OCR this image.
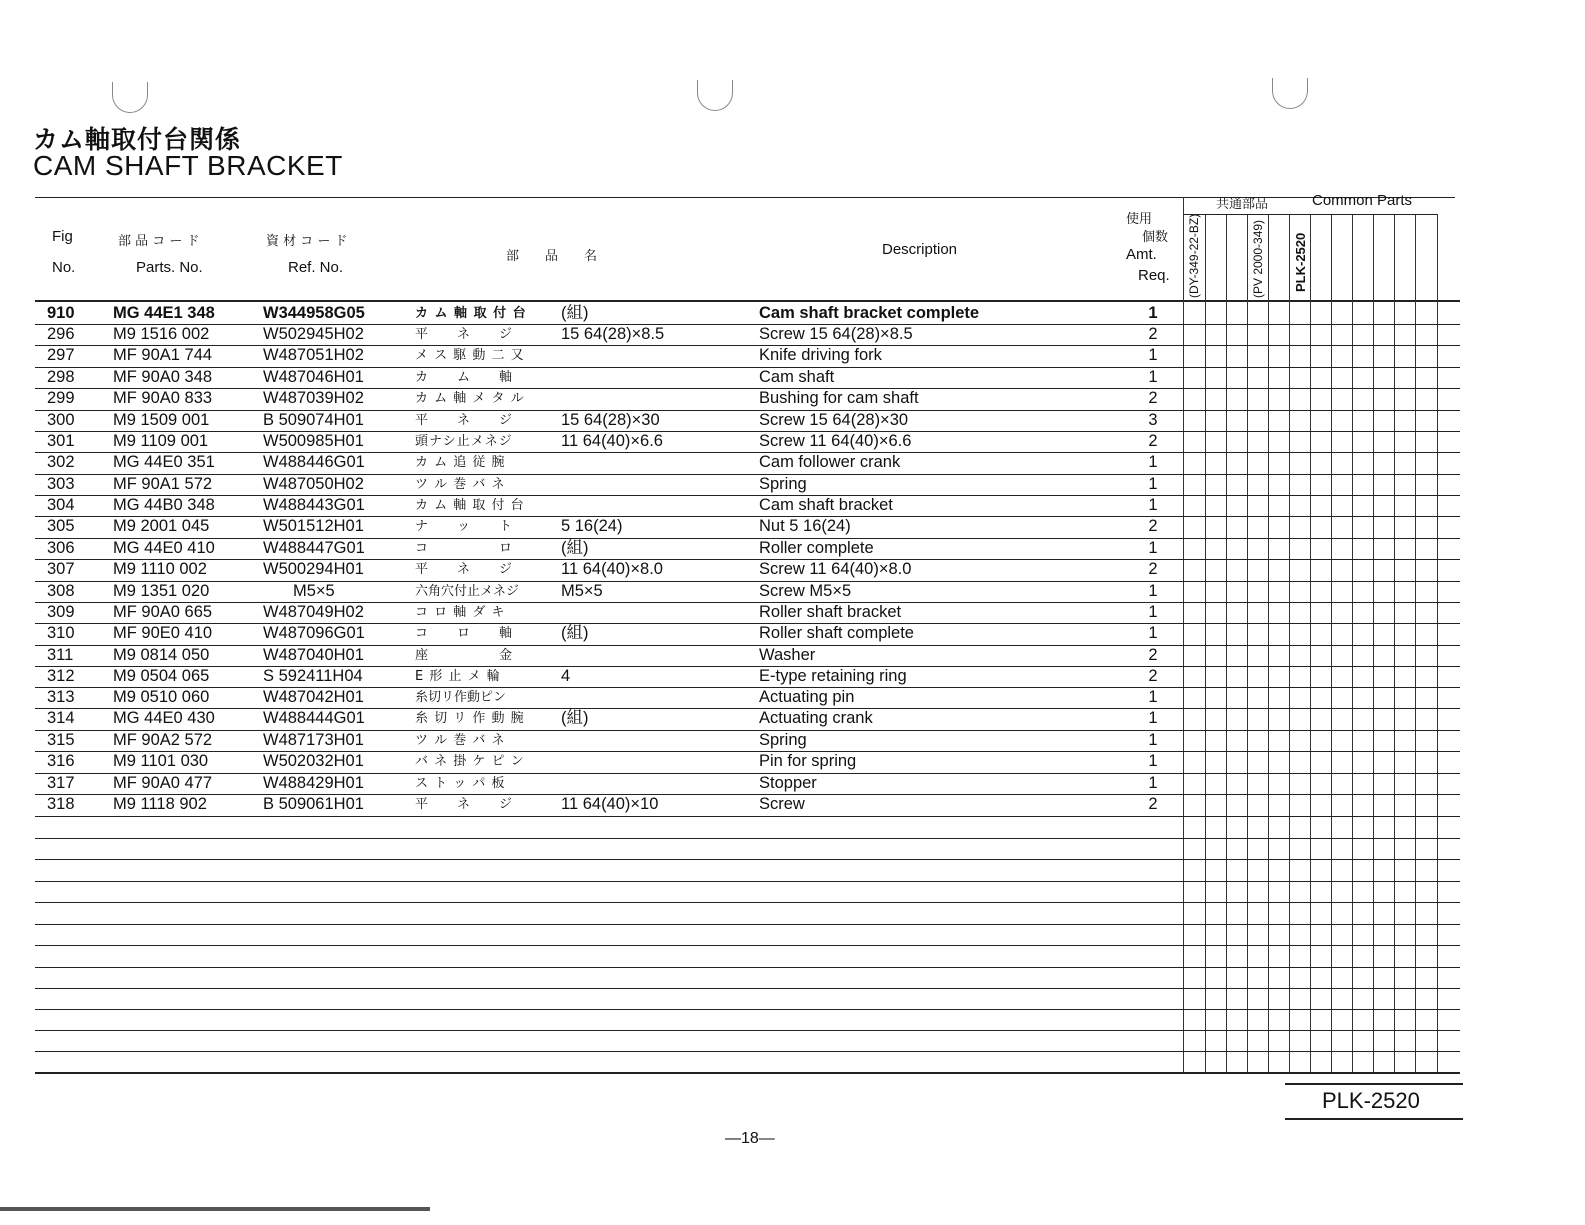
カム軸取付台関係
CAM SHAFT BRACKET
Fig
No.
部 品 コ ー ド
Parts. No.
資 材 コ ー ド
Ref. No.
部　　品　　名	Description
使用
個数
Amt.
Req.
共通部品	Common Parts
(DY-349-22-BZ)	(PV 2000-349) PLK-2520
910	MG 44E1 348	W344958G05	カ ム 軸 取 付 台	(組)	Cam shaft bracket complete	1
296	M9 1516 002	W502945H02	平　　ネ　　ジ	15 64(28)×8.5	Screw 15 64(28)×8.5	2
297	MF 90A1 744	W487051H02	メ ス 駆 動 二 又	Knife driving fork	1
298	MF 90A0 348	W487046H01	カ　　ム　　軸	Cam shaft	1
299	MF 90A0 833	W487039H02	カ ム 軸 メ タ ル	Bushing for cam shaft	2
300	M9 1509 001	B 509074H01	平　　ネ　　ジ	15 64(28)×30	Screw 15 64(28)×30	3
301	M9 1109 001	W500985H01	頭ナシ止メネジ	11 64(40)×6.6	Screw 11 64(40)×6.6	2
302	MG 44E0 351	W488446G01	カ ム 追 従 腕	Cam follower crank	1
303	MF 90A1 572	W487050H02	ツ ル 巻 バ ネ	Spring	1
304	MG 44B0 348	W488443G01	カ ム 軸 取 付 台	Cam shaft bracket	1
305	M9 2001 045	W501512H01	ナ　　ッ　　ト	5 16(24)	Nut 5 16(24)	2
306	MG 44E0 410	W488447G01	コ　　　　　ロ	(組)	Roller complete	1
307	M9 1110 002	W500294H01	平　　ネ　　ジ	11 64(40)×8.0	Screw 11 64(40)×8.0	2
308	M9 1351 020	M5×5	六角穴付止メネジ	M5×5	Screw M5×5	1
309	MF 90A0 665	W487049H02	コ ロ 軸 ダ キ	Roller shaft bracket	1
310	MF 90E0 410	W487096G01	コ　　ロ　　軸	(組)	Roller shaft complete	1
311	M9 0814 050	W487040H01	座　　　　　金	Washer	2
312	M9 0504 065	S 592411H04	E 形 止 メ 輪	4	E-type retaining ring	2
313	M9 0510 060	W487042H01	糸切リ作動ピン	Actuating pin	1
314	MG 44E0 430	W488444G01	糸 切 リ 作 動 腕	(組)	Actuating crank	1
315	MF 90A2 572	W487173H01	ツ ル 巻 バ ネ	Spring	1
316	M9 1101 030	W502032H01	バ ネ 掛 ケ ピ ン	Pin for spring	1
317	MF 90A0 477	W488429H01	ス ト ッ パ 板	Stopper	1
318	M9 1118 902	B 509061H01	平　　ネ　　ジ	11 64(40)×10	Screw	2
—18—
PLK-2520
